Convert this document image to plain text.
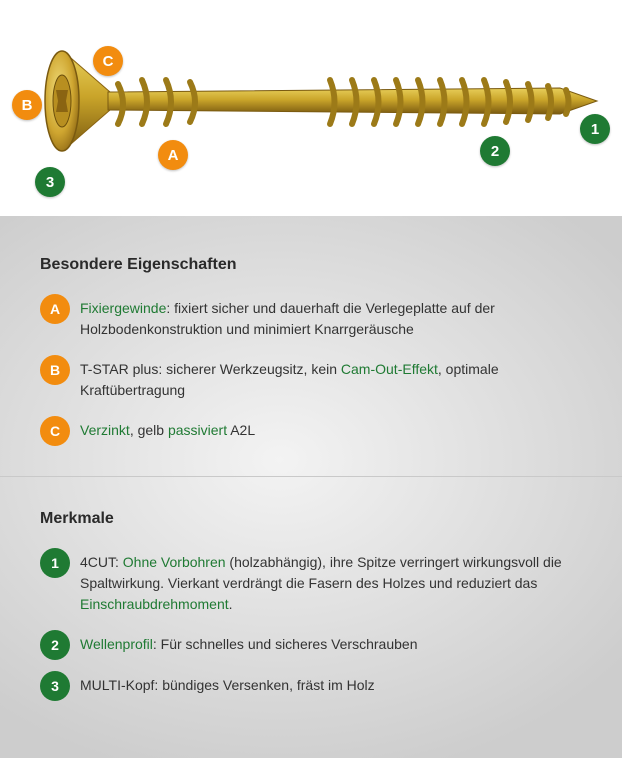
C
B
A
3
2
1
Besondere Eigenschaften
A	Fixiergewinde: fixiert sicher und dauerhaft die Verlegeplatte auf der Holzbodenkonstruktion und minimiert Knarrgeräusche
B	T-STAR plus: sicherer Werkzeugsitz, kein Cam-Out-Effekt, optimale Kraftübertragung
C	Verzinkt, gelb passiviert A2L
Merkmale
1	4CUT: Ohne Vorbohren (holzabhängig), ihre Spitze verringert wirkungsvoll die Spaltwirkung. Vierkant verdrängt die Fasern des Holzes und reduziert das Einschraubdrehmoment.
2	Wellenprofil: Für schnelles und sicheres Verschrauben
3	MULTI-Kopf: bündiges Versenken, fräst im Holz
